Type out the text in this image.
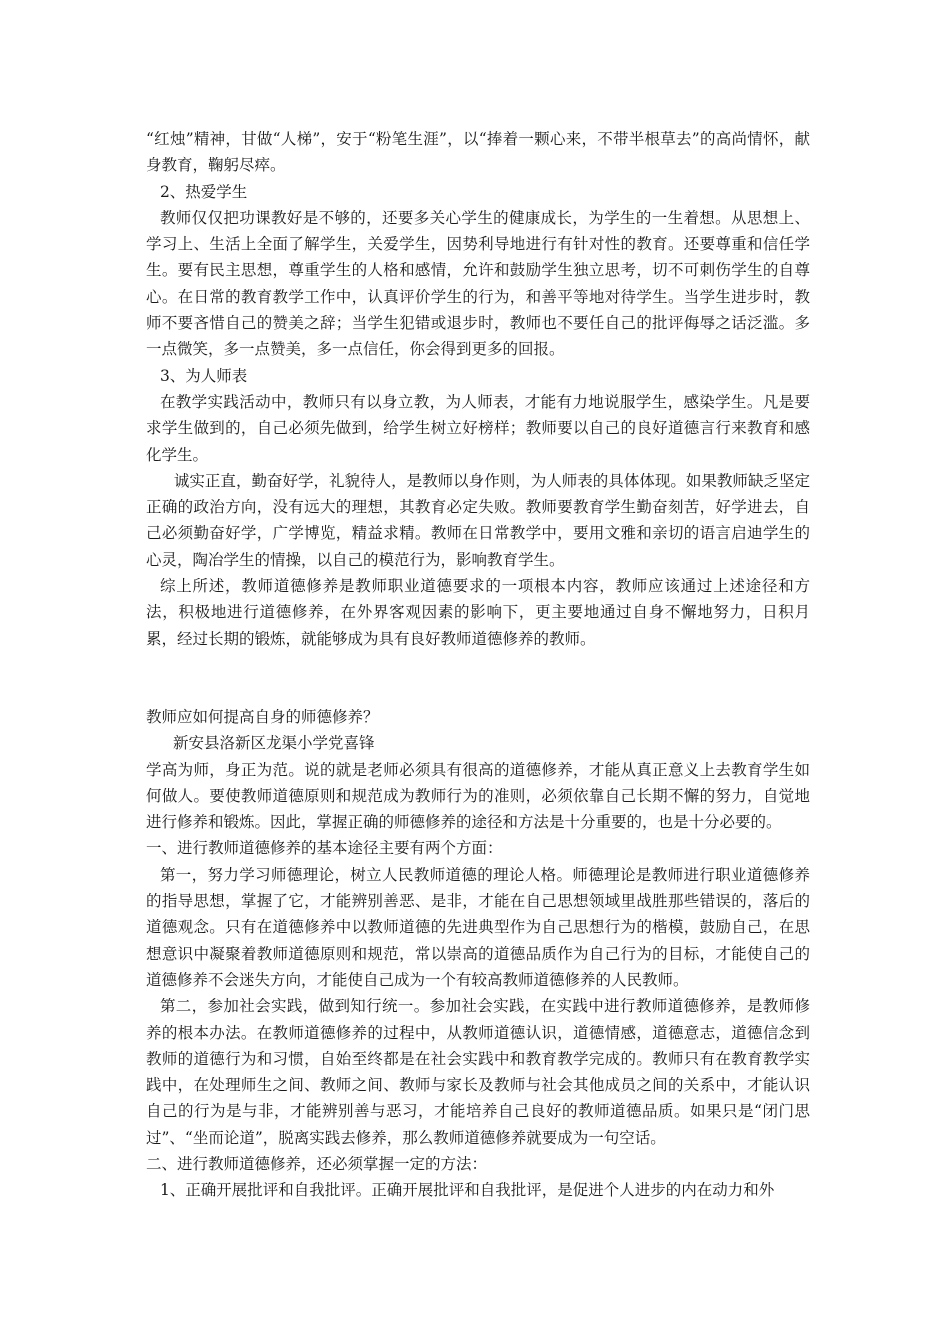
“红烛”精神，甘做“人梯”，安于“粉笔生涯”，以“捧着一颗心来，不带半根草去”的高尚情怀，献身教育，鞠躬尽瘁。

2、热爱学生

教师仅仅把功课教好是不够的，还要多关心学生的健康成长，为学生的一生着想。从思想上、学习上、生活上全面了解学生，关爱学生，因势利导地进行有针对性的教育。还要尊重和信任学生。要有民主思想，尊重学生的人格和感情，允许和鼓励学生独立思考，切不可刺伤学生的自尊心。在日常的教育教学工作中，认真评价学生的行为，和善平等地对待学生。当学生进步时，教师不要吝惜自己的赞美之辞；当学生犯错或退步时，教师也不要任自己的批评侮辱之话泛滥。多一点微笑，多一点赞美，多一点信任，你会得到更多的回报。

3、为人师表

在教学实践活动中，教师只有以身立教，为人师表，才能有力地说服学生，感染学生。凡是要求学生做到的，自己必须先做到，给学生树立好榜样；教师要以自己的良好道德言行来教育和感化学生。

诚实正直，勤奋好学，礼貌待人，是教师以身作则，为人师表的具体体现。如果教师缺乏坚定正确的政治方向，没有远大的理想，其教育必定失败。教师要教育学生勤奋刻苦，好学进去，自己必须勤奋好学，广学博览，精益求精。教师在日常教学中，要用文雅和亲切的语言启迪学生的心灵，陶冶学生的情操，以自己的模范行为，影响教育学生。

综上所述，教师道德修养是教师职业道德要求的一项根本内容，教师应该通过上述途径和方法，积极地进行道德修养，在外界客观因素的影响下，更主要地通过自身不懈地努力，日积月累，经过长期的锻炼，就能够成为具有良好教师道德修养的教师。

教师应如何提高自身的师德修养？

新安县洛新区龙渠小学党喜锋

学高为师，身正为范。说的就是老师必须具有很高的道德修养，才能从真正意义上去教育学生如何做人。要使教师道德原则和规范成为教师行为的准则，必须依靠自己长期不懈的努力，自觉地进行修养和锻炼。因此，掌握正确的师德修养的途径和方法是十分重要的，也是十分必要的。

一、进行教师道德修养的基本途径主要有两个方面：

第一，努力学习师德理论，树立人民教师道德的理论人格。师德理论是教师进行职业道德修养的指导思想，掌握了它，才能辨别善恶、是非，才能在自己思想领域里战胜那些错误的，落后的道德观念。只有在道德修养中以教师道德的先进典型作为自己思想行为的楷模，鼓励自己，在思想意识中凝聚着教师道德原则和规范，常以崇高的道德品质作为自己行为的目标，才能使自己的道德修养不会迷失方向，才能使自己成为一个有较高教师道德修养的人民教师。

第二，参加社会实践，做到知行统一。参加社会实践，在实践中进行教师道德修养，是教师修养的根本办法。在教师道德修养的过程中，从教师道德认识，道德情感，道德意志，道德信念到教师的道德行为和习惯，自始至终都是在社会实践中和教育教学完成的。教师只有在教育教学实践中，在处理师生之间、教师之间、教师与家长及教师与社会其他成员之间的关系中，才能认识自己的行为是与非，才能辨别善与恶习，才能培养自己良好的教师道德品质。如果只是“闭门思过”、“坐而论道”，脱离实践去修养，那么教师道德修养就要成为一句空话。

二、进行教师道德修养，还必须掌握一定的方法：

1、正确开展批评和自我批评。正确开展批评和自我批评，是促进个人进步的内在动力和外
